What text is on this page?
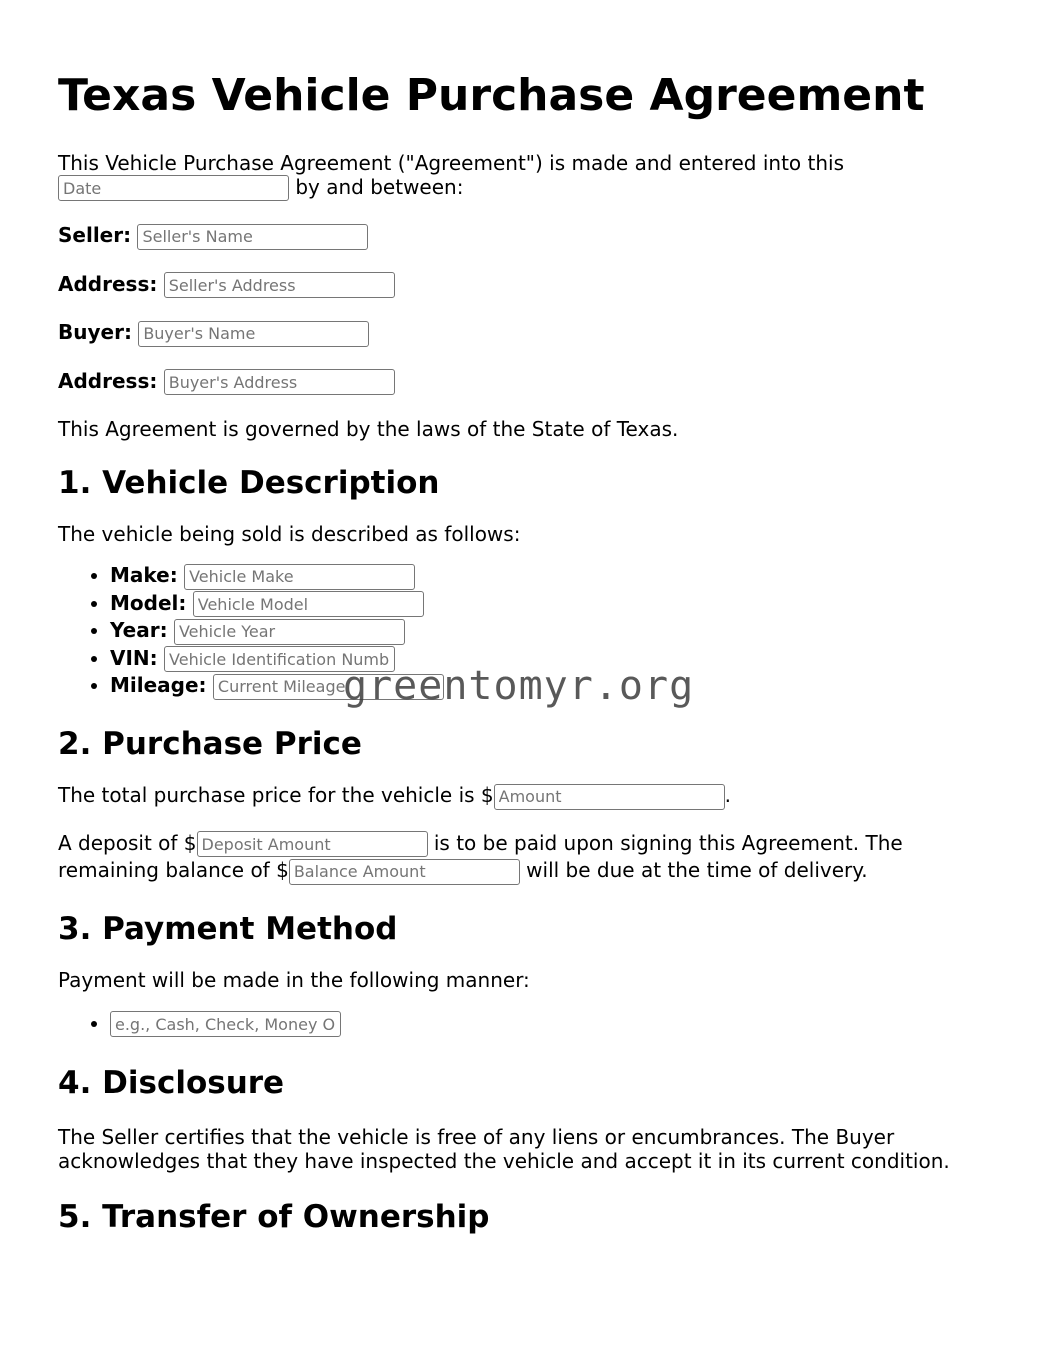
Texas Vehicle Purchase Agreement

This Vehicle Purchase Agreement ("Agreement") is made and entered into this
Date by and between:

Seller: Seller's Name

Address: Seller's Address

Buyer: Buyer's Name

Address: Buyer's Address

This Agreement is governed by the laws of the State of Texas.

1. Vehicle Description

The vehicle being sold is described as follows:

• Make: Vehicle Make
• Model: Vehicle Model
• Year: Vehicle Year
• VIN: Vehicle Identification Number
• Mileage: Current Mileage
2. Purchase Price

The total purchase price for the vehicle is $Amount	.

A deposit of $Deposit Amount	is to be paid upon signing this Agreement. The remaining balance of $Balance Amount	will be due at the time of delivery.

3. Payment Method

Payment will be made in the following manner:

• e.g., Cash, Check, Money Order
4. Disclosure

The Seller certifies that the vehicle is free of any liens or encumbrances. The Buyer acknowledges that they have inspected the vehicle and accept it in its current condition.

5. Transfer of Ownership
greentomyr.org
